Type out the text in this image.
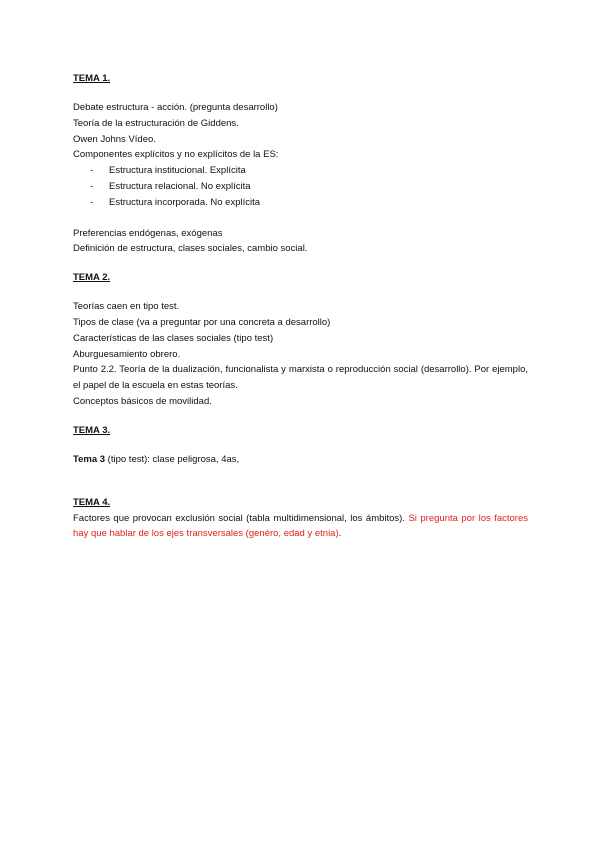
TEMA 1.

Debate estructura - acción. (pregunta desarrollo)

Teoría de la estructuración de Giddens.

Owen Johns Vídeo.

Componentes explícitos y no explícitos de la ES:

- Estructura institucional. Explícita
- Estructura relacional. No explícita
- Estructura incorporada. No explícita

Preferencias endógenas, exógenas

Definición de estructura, clases sociales, cambio social.

TEMA 2.

Teorías caen en tipo test.

Tipos de clase (va a preguntar por una concreta a desarrollo)

Características de las clases sociales (tipo test)

Aburguesamiento obrero.

Punto 2.2. Teoría de la dualización, funcionalista y marxista o reproducción social (desarrollo). Por ejemplo, el papel de la escuela en estas teorías.

Conceptos básicos de movilidad.

TEMA 3.

Tema 3 (tipo test): clase peligrosa, 4as,

TEMA 4.

Factores que provocan exclusión social (tabla multidimensional, los ámbitos). Si pregunta por los factores hay que hablar de los ejes transversales (genéro, edad y etnia).
